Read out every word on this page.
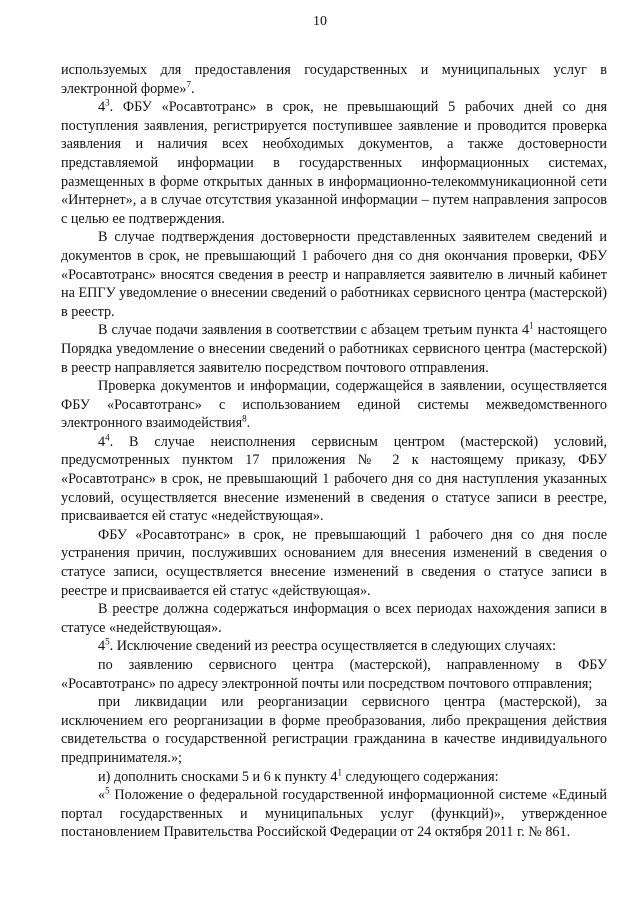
10

используемых для предоставления государственных и муниципальных услуг в электронной форме»$^7$.

$4^3$. ФБУ «Росавтотранс» в срок, не превышающий 5 рабочих дней со дня поступления заявления, регистрируется поступившее заявление и проводится проверка заявления и наличия всех необходимых документов, а также достоверности представляемой информации в государственных информационных системах, размещенных в форме открытых данных в информационно-телекоммуникационной сети «Интернет», а в случае отсутствия указанной информации – путем направления запросов с целью ее подтверждения.

В случае подтверждения достоверности представленных заявителем сведений и документов в срок, не превышающий 1 рабочего дня со дня окончания проверки, ФБУ «Росавтотранс» вносятся сведения в реестр и направляется заявителю в личный кабинет на ЕПГУ уведомление о внесении сведений о работниках сервисного центра (мастерской) в реестр.

В случае подачи заявления в соответствии с абзацем третьим пункта $4^1$ настоящего Порядка уведомление о внесении сведений о работниках сервисного центра (мастерской) в реестр направляется заявителю посредством почтового отправления.

Проверка документов и информации, содержащейся в заявлении, осуществляется ФБУ «Росавтотранс» с использованием единой системы межведомственного электронного взаимодействия$^8$.

$4^4$. В случае неисполнения сервисным центром (мастерской) условий, предусмотренных пунктом 17 приложения № 2 к настоящему приказу, ФБУ «Росавтотранс» в срок, не превышающий 1 рабочего дня со дня наступления указанных условий, осуществляется внесение изменений в сведения о статусе записи в реестре, присваивается ей статус «недействующая».

ФБУ «Росавтотранс» в срок, не превышающий 1 рабочего дня со дня после устранения причин, послуживших основанием для внесения изменений в сведения о статусе записи, осуществляется внесение изменений в сведения о статусе записи в реестре и присваивается ей статус «действующая».

В реестре должна содержаться информация о всех периодах нахождения записи в статусе «недействующая».

$4^5$. Исключение сведений из реестра осуществляется в следующих случаях:

по заявлению сервисного центра (мастерской), направленному в ФБУ «Росавтотранс» по адресу электронной почты или посредством почтового отправления;

при ликвидации или реорганизации сервисного центра (мастерской), за исключением его реорганизации в форме преобразования, либо прекращения действия свидетельства о государственной регистрации гражданина в качестве индивидуального предпринимателя.»;

и) дополнить сносками 5 и 6 к пункту $4^1$ следующего содержания:

«$^5$ Положение о федеральной государственной информационной системе «Единый портал государственных и муниципальных услуг (функций)», утвержденное постановлением Правительства Российской Федерации от 24 октября 2011 г. № 861.
